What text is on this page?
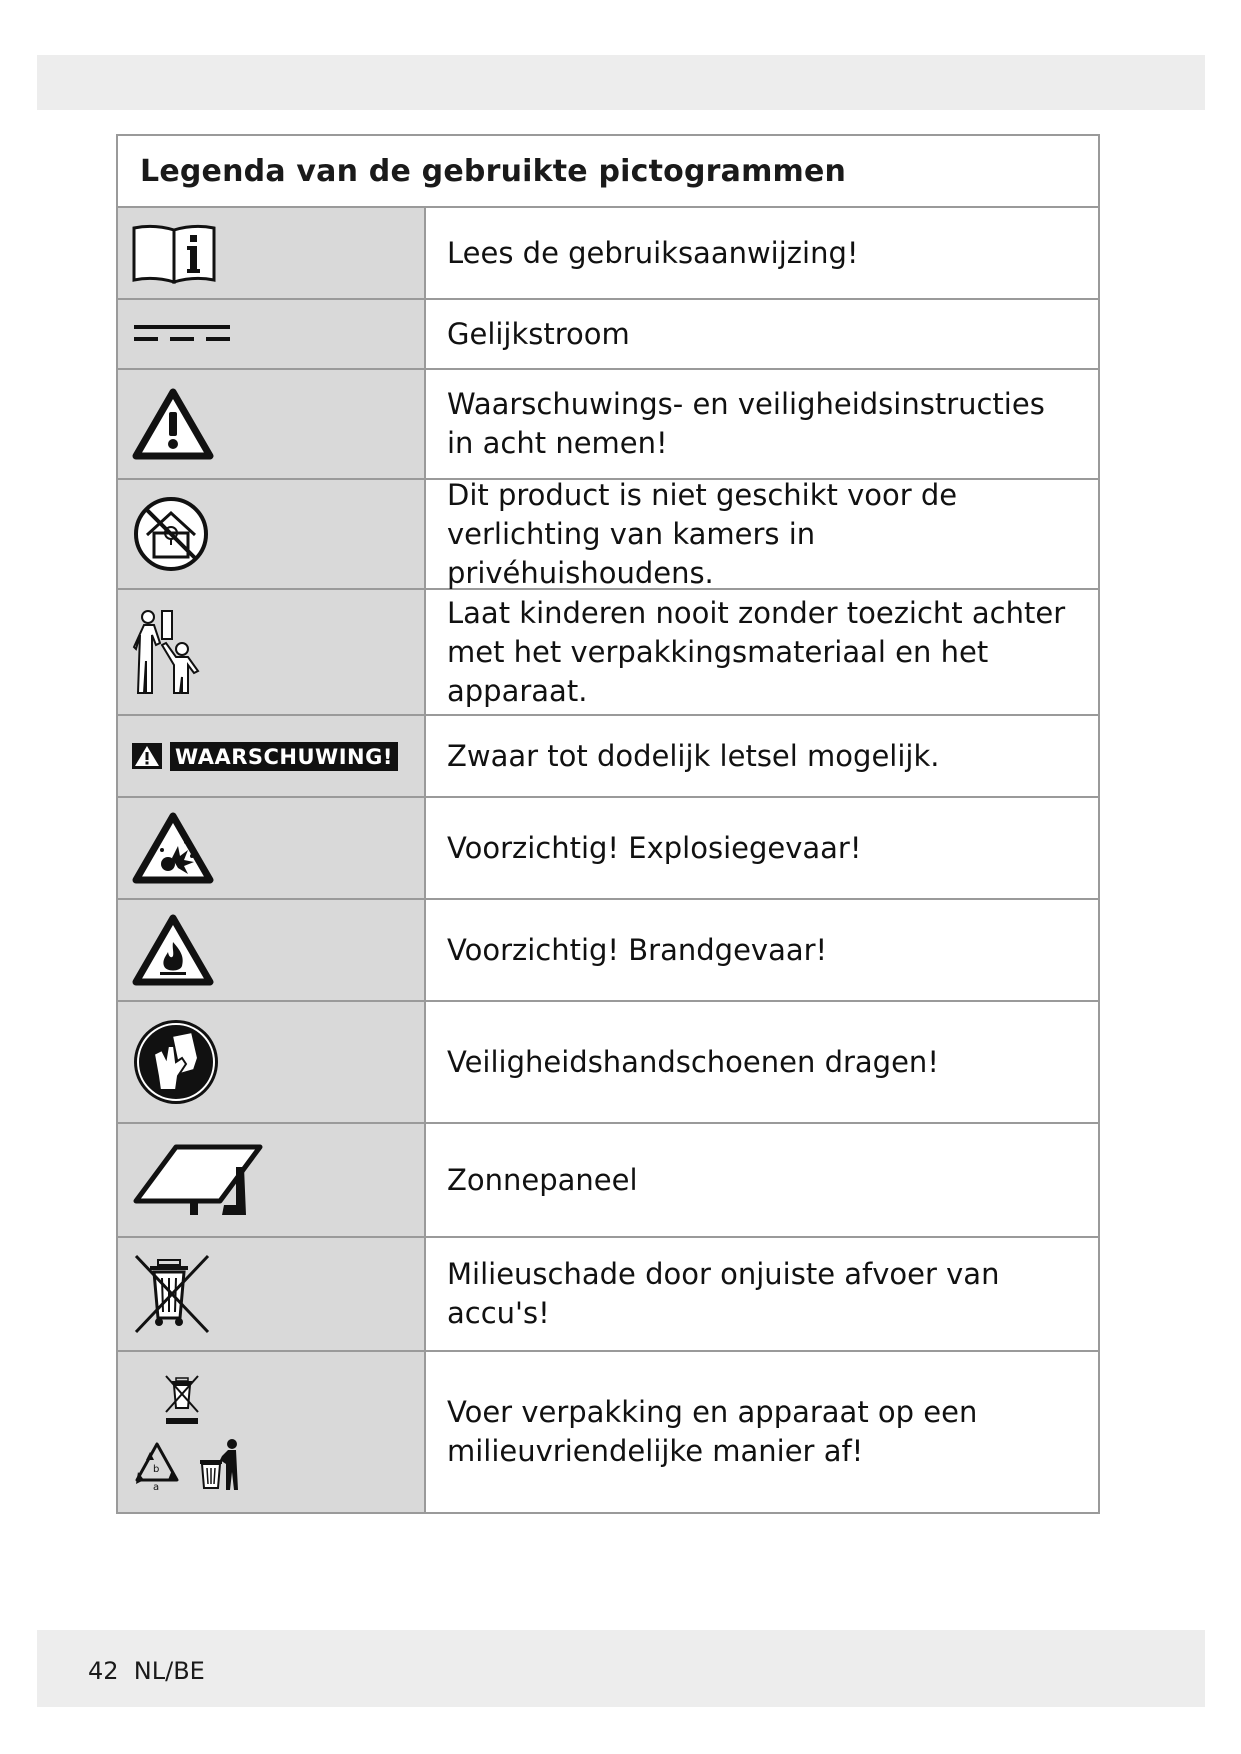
Legenda van de gebruikte pictogrammen
Lees de gebruiksaanwijzing!
Gelijkstroom
Waarschuwings- en veiligheidsinstructies in acht nemen!
Dit product is niet geschikt voor de verlichting van kamers in privéhuishoudens.
Laat kinderen nooit zonder toezicht achter met het verpakkingsmateriaal en het apparaat.
WAARSCHUWING!	Zwaar tot dodelijk letsel mogelijk.
Voorzichtig! Explosiegevaar!
Voorzichtig! Brandgevaar!
Veiligheidshandschoenen dragen!
Zonnepaneel
Milieuschade door onjuiste afvoer van accu's!
b
a
Voer verpakking en apparaat op een milieuvriendelijke manier af!
42  NL/BE
